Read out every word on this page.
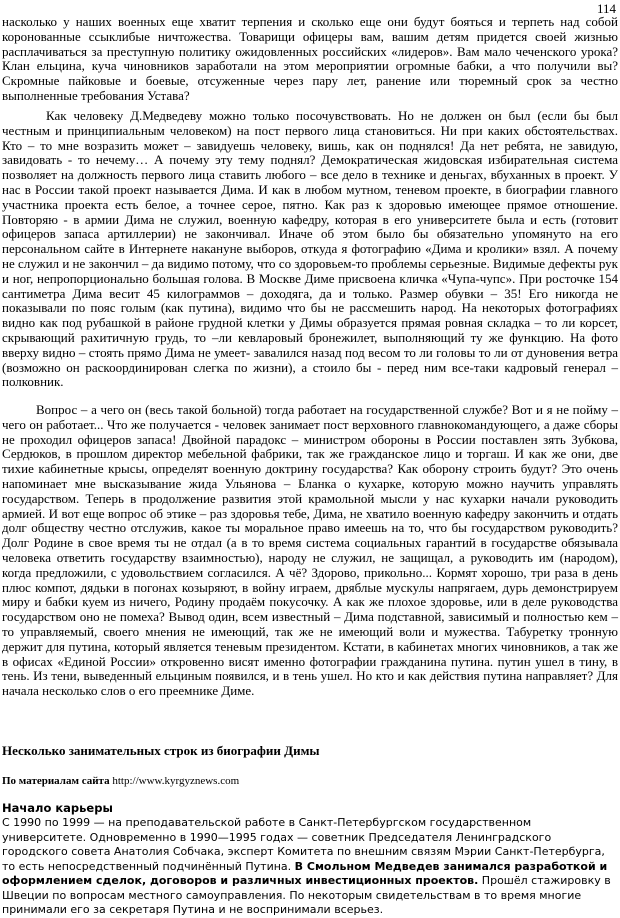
114

насколько у наших военных еще хватит терпения и сколько еще они будут бояться и терпеть над собой коронованные ссыклибые ничтожества. Товарищи офицеры вам, вашим детям придется своей жизнью расплачиваться за преступную политику ожидовленных российских «лидеров». Вам мало чеченского урока? Клан ельцина, куча чиновников заработали на этом мероприятии огромные бабки, а что получили вы? Скромные пайковые и боевые, отсуженные через пару лет, ранение или тюремный срок за честно выполненные требования Устава?

Как человеку Д.Медведеву можно только посочувствовать. Но не должен он был (если бы был честным и принципиальным человеком) на пост первого лица становиться. Ни при каких обстоятельствах. Кто – то мне возразить может – завидуешь человеку, вишь, как он поднялся! Да нет ребята, не завидую, завидовать - то нечему… А почему эту тему поднял? Демократическая жидовская избирательная система позволяет на должность первого лица ставить любого – все дело в технике и деньгах, вбуханных в проект. У нас в России такой проект называется Дима. И как в любом мутном, теневом проекте, в биографии главного участника проекта есть белое, а точнее серое, пятно. Как раз к здоровью имеющее прямое отношение. Повторяю - в армии Дима не служил, военную кафедру, которая в его университете была и есть (готовит офицеров запаса артиллерии) не закончивал. Иначе об этом было бы обязательно упомянуто на его персональном сайте в Интернете накануне выборов, откуда я фотографию «Дима и кролики» взял. А почему не служил и не закончил – да видимо потому, что со здоровьем-то проблемы серьезные. Видимые дефекты рук и ног, непропорционально большая голова. В Москве Диме присвоена кличка «Чупа-чупс». При росточке 154 сантиметра Дима весит 45 килограммов – доходяга, да и только. Размер обувки – 35! Его никогда не показывали по пояс голым (как путина), видимо что бы не рассмешить народ. На некоторых фотографиях видно как под рубашкой в районе грудной клетки у Димы образуется прямая ровная складка – то ли корсет, скрывающий рахитичную грудь, то –ли кевларовый бронежилет, выполняющий ту же функцию. На фото вверху видно – стоять прямо Дима не умеет- завалился назад под весом то ли головы то ли от дуновения ветра (возможно он раскоординирован слегка по жизни), а стоило бы - перед ним все-таки кадровый генерал – полковник.

Вопрос – а чего он (весь такой больной) тогда работает на государственной службе? Вот и я не пойму – чего он работает... Что же получается - человек занимает пост верховного главнокомандующего, а даже сборы не проходил офицеров запаса! Двойной парадокс – министром обороны в России поставлен зять Зубкова, Сердюков, в прошлом директор мебельной фабрики, так же гражданское лицо и торгаш. И как же они, две тихие кабинетные крысы, определят военную доктрину государства? Как оборону строить будут? Это очень напоминает мне высказывание жида Ульянова – Бланка о кухарке, которую можно научить управлять государством. Теперь в продолжение развития этой крамольной мысли у нас кухарки начали руководить армией. И вот еще вопрос об этике – раз здоровья тебе, Дима, не хватило военную кафедру закончить и отдать долг обществу честно отслужив, какое ты моральное право имеешь на то, что бы государством руководить? Долг Родине в свое время ты не отдал (а в то время система социальных гарантий в государстве обязывала человека ответить государству взаимностью), народу не служил, не защищал, а руководить им (народом), когда предложили, с удовольствием согласился. А чё? Здорово, прикольно... Кормят хорошо, три раза в день плюс компот, дядьки в погонах козыряют, в войну играем, дряблые мускулы напрягаем, дурь демонстрируем миру и бабки куем из ничего, Родину продаём покусочку. А как же плохое здоровье, или в деле руководства государством оно не помеха? Вывод один, всем известный – Дима подставной, зависимый и полностью кем – то управляемый, своего мнения не имеющий, так же не имеющий воли и мужества. Табуретку тронную держит для путина, который является теневым президентом. Кстати, в кабинетах многих чиновников, а так же в офисах «Единой России» откровенно висят именно фотографии гражданина путина. путин ушел в тину, в тень. Из тени, выведенный ельциным появился, и в тень ушел. Но кто и как действия путина направляет? Для начала несколько слов о его преемнике Диме.

Несколько занимательных строк из биографии Димы

По материалам сайта http://www.kyrgyznews.com

Начало карьеры

С 1990 по 1999 — на преподавательской работе в Санкт-Петербургском государственном университете. Одновременно в 1990—1995 годах — советник Председателя Ленинградского городского совета Анатолия Собчака, эксперт Комитета по внешним связям Мэрии Санкт-Петербурга, то есть непосредственный подчинённый Путина. В Смольном Медведев занимался разработкой и оформлением сделок, договоров и различных инвестиционных проектов. Прошёл стажировку в Швеции по вопросам местного самоуправления. По некоторым свидетельствам в то время многие принимали его за секретаря Путина и не воспринимали всерьез.
